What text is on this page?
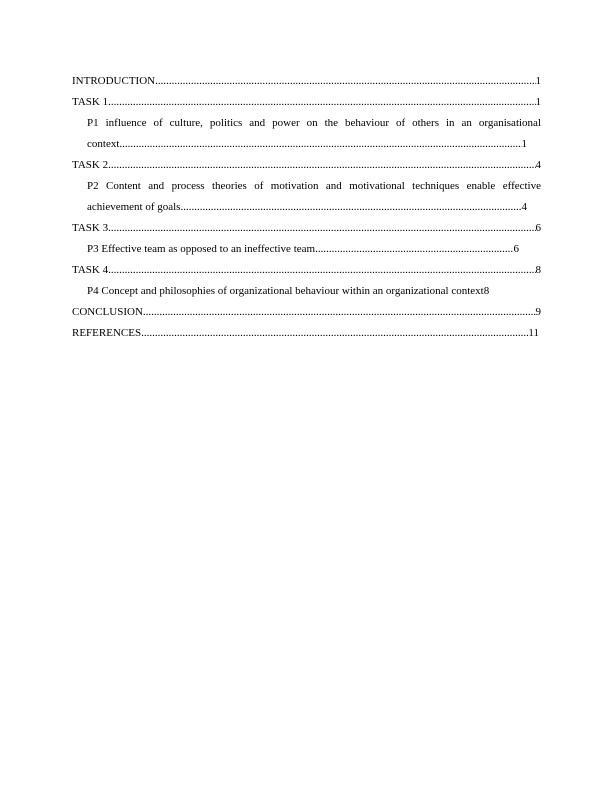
INTRODUCTION .....	1
TASK 1 .....	1
P1 influence of culture, politics and power on the behaviour of others in an organisational
context .....	1
TASK 2 .....	4
P2 Content and process theories of motivation and motivational techniques enable effective
achievement of goals .....	4
TASK 3 .....	6
P3 Effective team as opposed to an ineffective team .....	6
TASK 4 .....	8
P4 Concept and philosophies of organizational behaviour within an organizational context 8
CONCLUSION .....	9
REFERENCES .....	11
